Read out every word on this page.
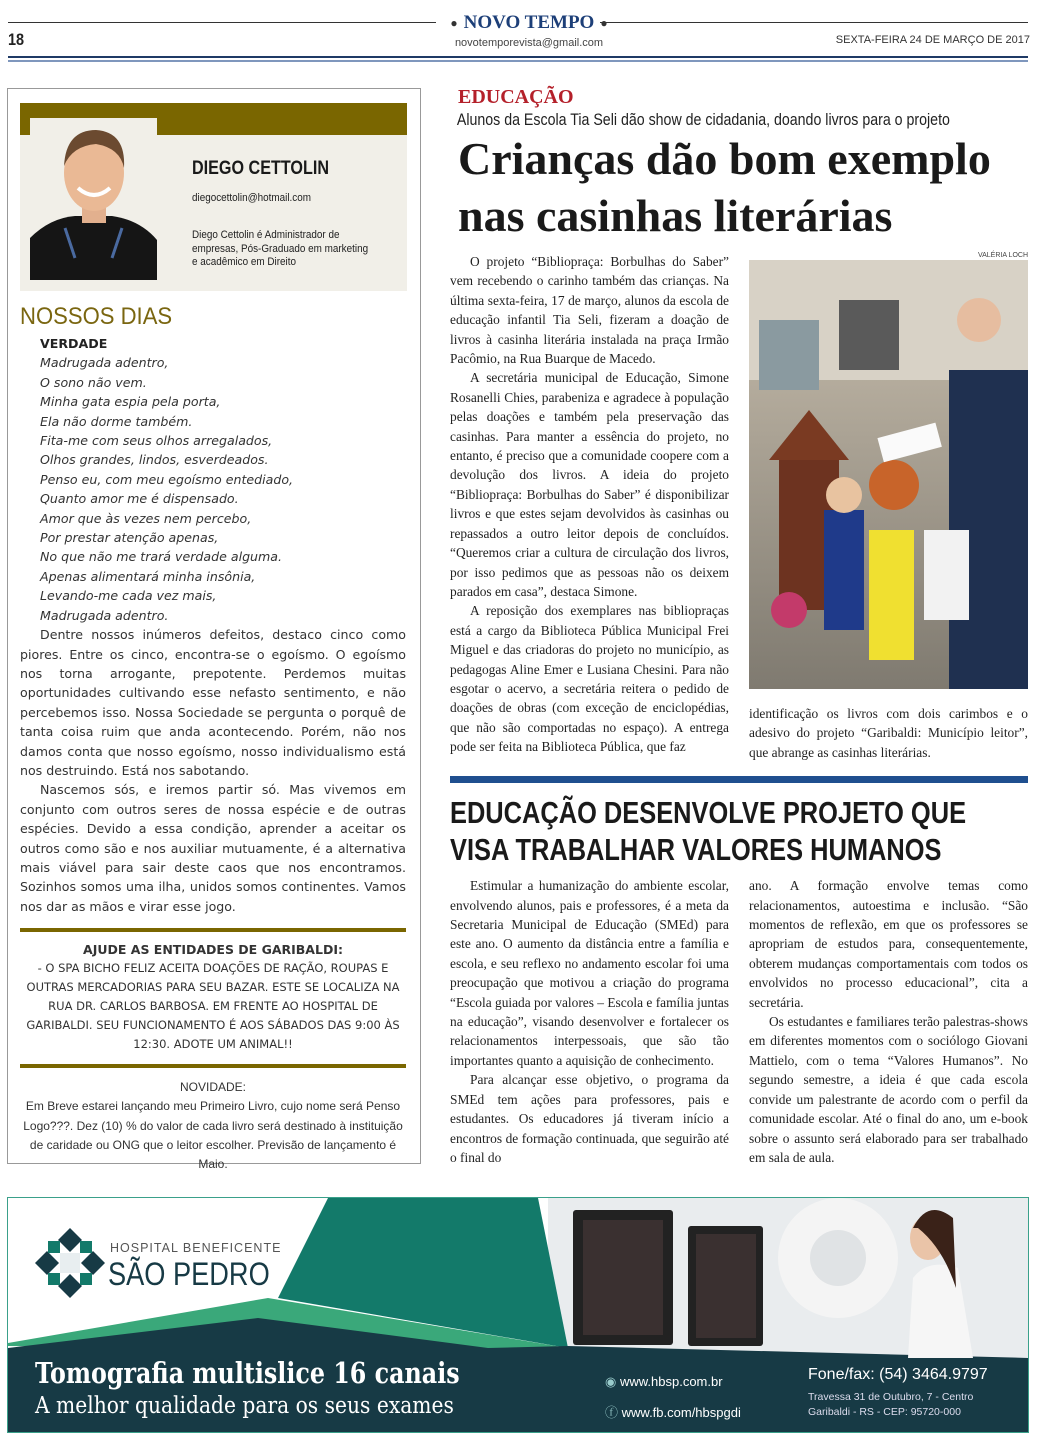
● NOVO TEMPO ●
18	novotemporevista@gmail.com	SEXTA-FEIRA 24 DE MARÇO DE 2017
DIEGO CETTOLIN
diegocettolin@hotmail.com
Diego Cettolin é Administrador de empresas, Pós-Graduado em marketing e acadêmico em Direito
NOSSOS DIAS
VERDADE
Madrugada adentro,
O sono não vem.
Minha gata espia pela porta,
Ela não dorme também.
Fita-me com seus olhos arregalados,
Olhos grandes, lindos, esverdeados.
Penso eu, com meu egoísmo entediado,
Quanto amor me é dispensado.
Amor que às vezes nem percebo,
Por prestar atenção apenas,
No que não me trará verdade alguma.
Apenas alimentará minha insônia,
Levando-me cada vez mais,
Madrugada adentro.

Dentre nossos inúmeros defeitos, destaco cinco como piores. Entre os cinco, encontra-se o egoísmo. O egoísmo nos torna arrogante, prepotente. Perdemos muitas oportunidades cultivando esse nefasto sentimento, e não percebemos isso. Nossa Sociedade se pergunta o porquê de tanta coisa ruim que anda acontecendo. Porém, não nos damos conta que nosso egoísmo, nosso individualismo está nos destruindo. Está nos sabotando.

Nascemos sós, e iremos partir só. Mas vivemos em conjunto com outros seres de nossa espécie e de outras espécies. Devido a essa condição, aprender a aceitar os outros como são e nos auxiliar mutuamente, é a alternativa mais viável para sair deste caos que nos encontramos. Sozinhos somos uma ilha, unidos somos continentes. Vamos nos dar as mãos e virar esse jogo.

AJUDE AS ENTIDADES DE GARIBALDI:
- O SPA BICHO FELIZ ACEITA DOAÇÕES DE RAÇÃO, ROUPAS E OUTRAS MERCADORIAS PARA SEU BAZAR. ESTE SE LOCALIZA NA RUA DR. CARLOS BARBOSA. EM FRENTE AO HOSPITAL DE GARIBALDI. SEU FUNCIONAMENTO É AOS SÁBADOS DAS 9:00 ÀS 12:30. ADOTE UM ANIMAL!!
NOVIDADE:
Em Breve estarei lançando meu Primeiro Livro, cujo nome será Penso Logo???. Dez (10) % do valor de cada livro será destinado à instituição de caridade ou ONG que o leitor escolher. Previsão de lançamento é Maio.
EDUCAÇÃO
Alunos da Escola Tia Seli dão show de cidadania, doando livros para o projeto
Crianças dão bom exemplo nas casinhas literárias

O projeto “Bibliopraça: Borbulhas do Saber” vem recebendo o carinho também das crianças. Na última sexta-feira, 17 de março, alunos da escola de educação infantil Tia Seli, fizeram a doação de livros à casinha literária instalada na praça Irmão Pacômio, na Rua Buarque de Macedo.

A secretária municipal de Educação, Simone Rosanelli Chies, parabeniza e agradece à população pelas doações e também pela preservação das casinhas. Para manter a essência do projeto, no entanto, é preciso que a comunidade coopere com a devolução dos livros. A ideia do projeto “Bibliopraça: Borbulhas do Saber” é disponibilizar livros e que estes sejam devolvidos às casinhas ou repassados a outro leitor depois de concluídos. “Queremos criar a cultura de circulação dos livros, por isso pedimos que as pessoas não os deixem parados em casa”, destaca Simone.

A reposição dos exemplares nas bibliopraças está a cargo da Biblioteca Pública Municipal Frei Miguel e das criadoras do projeto no município, as pedagogas Aline Emer e Lusiana Chesini. Para não esgotar o acervo, a secretária reitera o pedido de doações de obras (com exceção de enciclopédias, que não são comportadas no espaço). A entrega pode ser feita na Biblioteca Pública, que faz

VALÉRIA LOCH
identificação os livros com dois carimbos e o adesivo do projeto “Garibaldi: Município leitor”, que abrange as casinhas literárias.
EDUCAÇÃO DESENVOLVE PROJETO QUE VISA TRABALHAR VALORES HUMANOS

Estimular a humanização do ambiente escolar, envolvendo alunos, pais e professores, é a meta da Secretaria Municipal de Educação (SMEd) para este ano. O aumento da distância entre a família e escola, e seu reflexo no andamento escolar foi uma preocupação que motivou a criação do programa “Escola guiada por valores – Escola e família juntas na educação”, visando desenvolver e fortalecer os relacionamentos interpessoais, que são tão importantes quanto a aquisição de conhecimento.

Para alcançar esse objetivo, o programa da SMEd tem ações para professores, pais e estudantes. Os educadores já tiveram início a encontros de formação continuada, que seguirão até o final do

ano. A formação envolve temas como relacionamentos, autoestima e inclusão. “São momentos de reflexão, em que os professores se apropriam de estudos para, consequentemente, obterem mudanças comportamentais com todos os envolvidos no processo educacional”, cita a secretária.

Os estudantes e familiares terão palestras-shows em diferentes momentos com o sociólogo Giovani Mattielo, com o tema “Valores Humanos”. No segundo semestre, a ideia é que cada escola convide um palestrante de acordo com o perfil da comunidade escolar. Até o final do ano, um e-book sobre o assunto será elaborado para ser trabalhado em sala de aula.

HOSPITAL BENEFICENTE
SÃO PEDRO
Tomografia multislice 16 canais
A melhor qualidade para os seus exames
◉ www.hbsp.com.br
ⓕ www.fb.com/hbspgdi
Fone/fax: (54) 3464.9797
Travessa 31 de Outubro, 7 - Centro
Garibaldi - RS - CEP: 95720-000
